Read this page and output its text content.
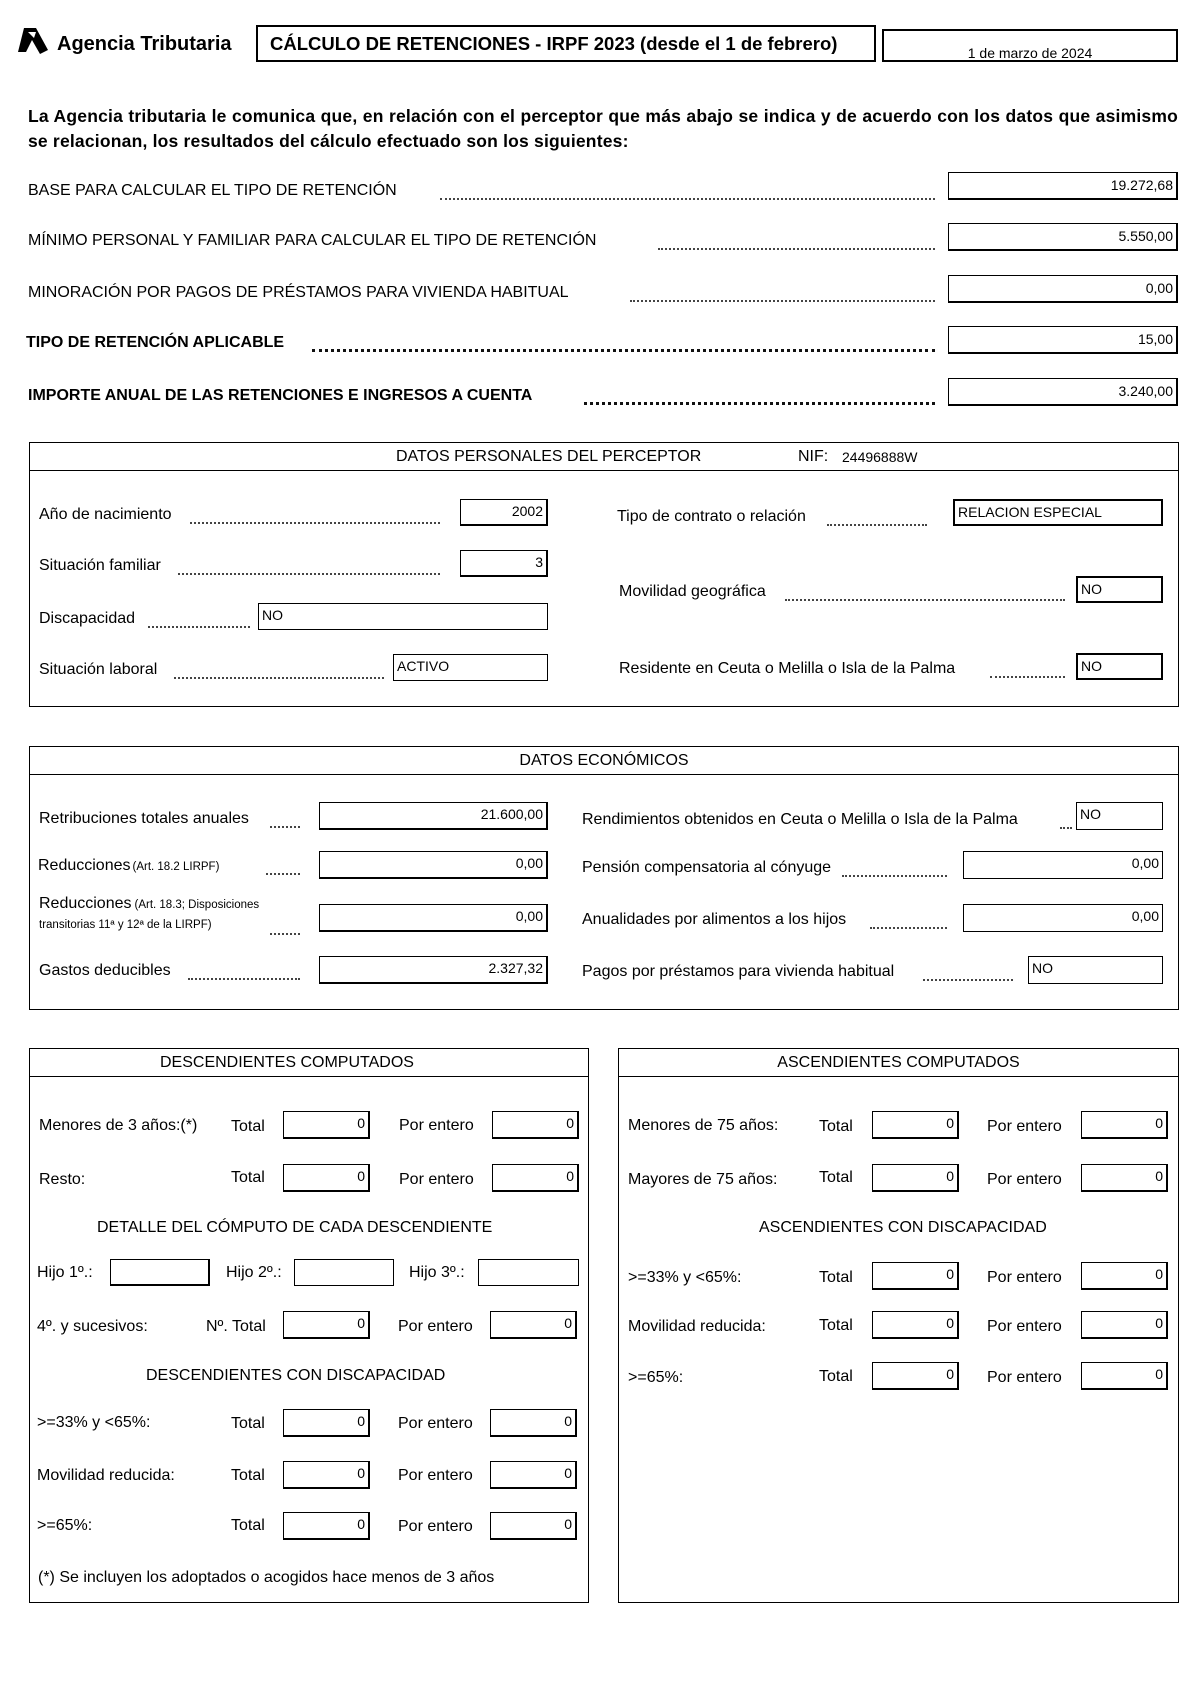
Agencia Tributaria	CÁLCULO DE RETENCIONES - IRPF 2023 (desde el 1 de febrero)	1 de marzo de 2024
La Agencia tributaria le comunica que, en relación con el perceptor que más abajo se indica y de acuerdo con los datos que asimismo se relacionan, los resultados del cálculo efectuado son los siguientes:
BASE PARA CALCULAR EL TIPO DE RETENCIÓN	19.272,68
MÍNIMO PERSONAL Y FAMILIAR PARA CALCULAR EL TIPO DE RETENCIÓN	5.550,00
MINORACIÓN POR PAGOS DE PRÉSTAMOS PARA VIVIENDA HABITUAL	0,00
TIPO DE RETENCIÓN APLICABLE	15,00
IMPORTE ANUAL DE LAS RETENCIONES E INGRESOS A CUENTA	3.240,00
DATOS PERSONALES DEL PERCEPTOR	NIF: 24496888W
Año de nacimiento	2002
Situación familiar	3
Discapacidad	NO
Situación laboral	ACTIVO
Tipo de contrato o relación	RELACION ESPECIAL
Movilidad geográfica	NO
Residente en Ceuta o Melilla o Isla de la Palma	NO
DATOS ECONÓMICOS
Retribuciones totales anuales	21.600,00
Reducciones (Art. 18.2 LIRPF)	0,00
Reducciones (Art. 18.3; Disposiciones
transitorias 11ª y 12ª de la LIRPF)
0,00
Gastos deducibles	2.327,32
Rendimientos obtenidos en Ceuta o Melilla o Isla de la Palma	NO
Pensión compensatoria al cónyuge	0,00
Anualidades por alimentos a los hijos	0,00
Pagos por préstamos para vivienda habitual	NO
DESCENDIENTES COMPUTADOS
Menores de 3 años:(*) Total	0	Por entero	0
Resto:	Total	0	Por entero	0
DETALLE DEL CÓMPUTO DE CADA DESCENDIENTE
Hijo 1º.:	Hijo 2º.:	Hijo 3º.:
4º. y sucesivos:	Nº. Total	0	Por entero	0
DESCENDIENTES CON DISCAPACIDAD
>=33% y <65%:	Total	0	Por entero	0
Movilidad reducida:	Total	0	Por entero	0
>=65%:	Total	0	Por entero	0
(*) Se incluyen los adoptados o acogidos hace menos de 3 años
ASCENDIENTES COMPUTADOS
Menores de 75 años:	Total	0	Por entero	0
Mayores de 75 años:	Total	0	Por entero	0
ASCENDIENTES CON DISCAPACIDAD
>=33% y <65%:	Total	0	Por entero	0
Movilidad reducida:	Total	0	Por entero	0
>=65%:	Total	0	Por entero	0
